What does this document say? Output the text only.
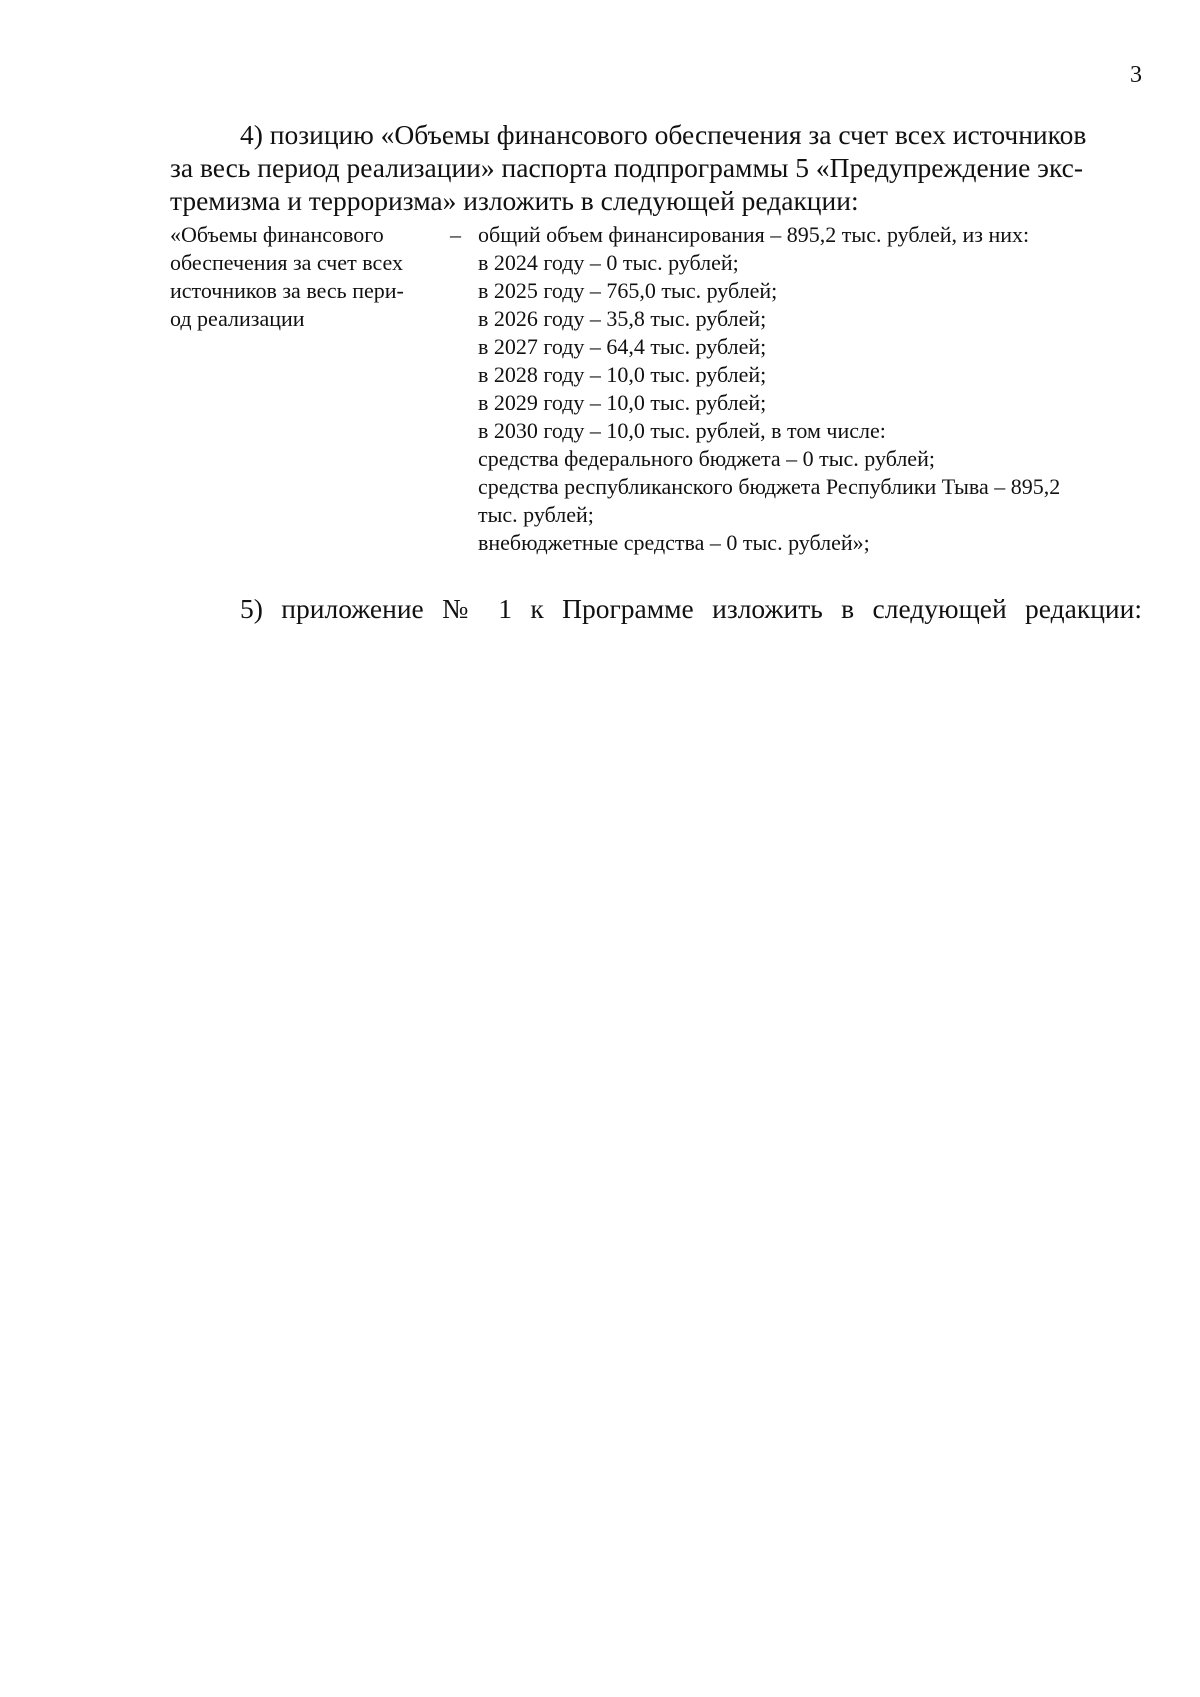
3

4) позицию «Объемы финансового обеспечения за счет всех источников
за весь период реализации» паспорта подпрограммы 5 «Предупреждение экс-
тремизма и терроризма» изложить в следующей редакции:

«Объемы финансового
обеспечения за счет всех
источников за весь пери-
од реализации
– общий объем финансирования – 895,2 тыс. рублей, из них:
в 2024 году – 0 тыс. рублей;
в 2025 году – 765,0 тыс. рублей;
в 2026 году – 35,8 тыс. рублей;
в 2027 году – 64,4 тыс. рублей;
в 2028 году – 10,0 тыс. рублей;
в 2029 году – 10,0 тыс. рублей;
в 2030 году – 10,0 тыс. рублей, в том числе:
средства федерального бюджета – 0 тыс. рублей;
средства республиканского бюджета Республики Тыва – 895,2
тыс. рублей;
внебюджетные средства – 0 тыс. рублей»;

5) приложение № 1 к Программе изложить в следующей редакции:
